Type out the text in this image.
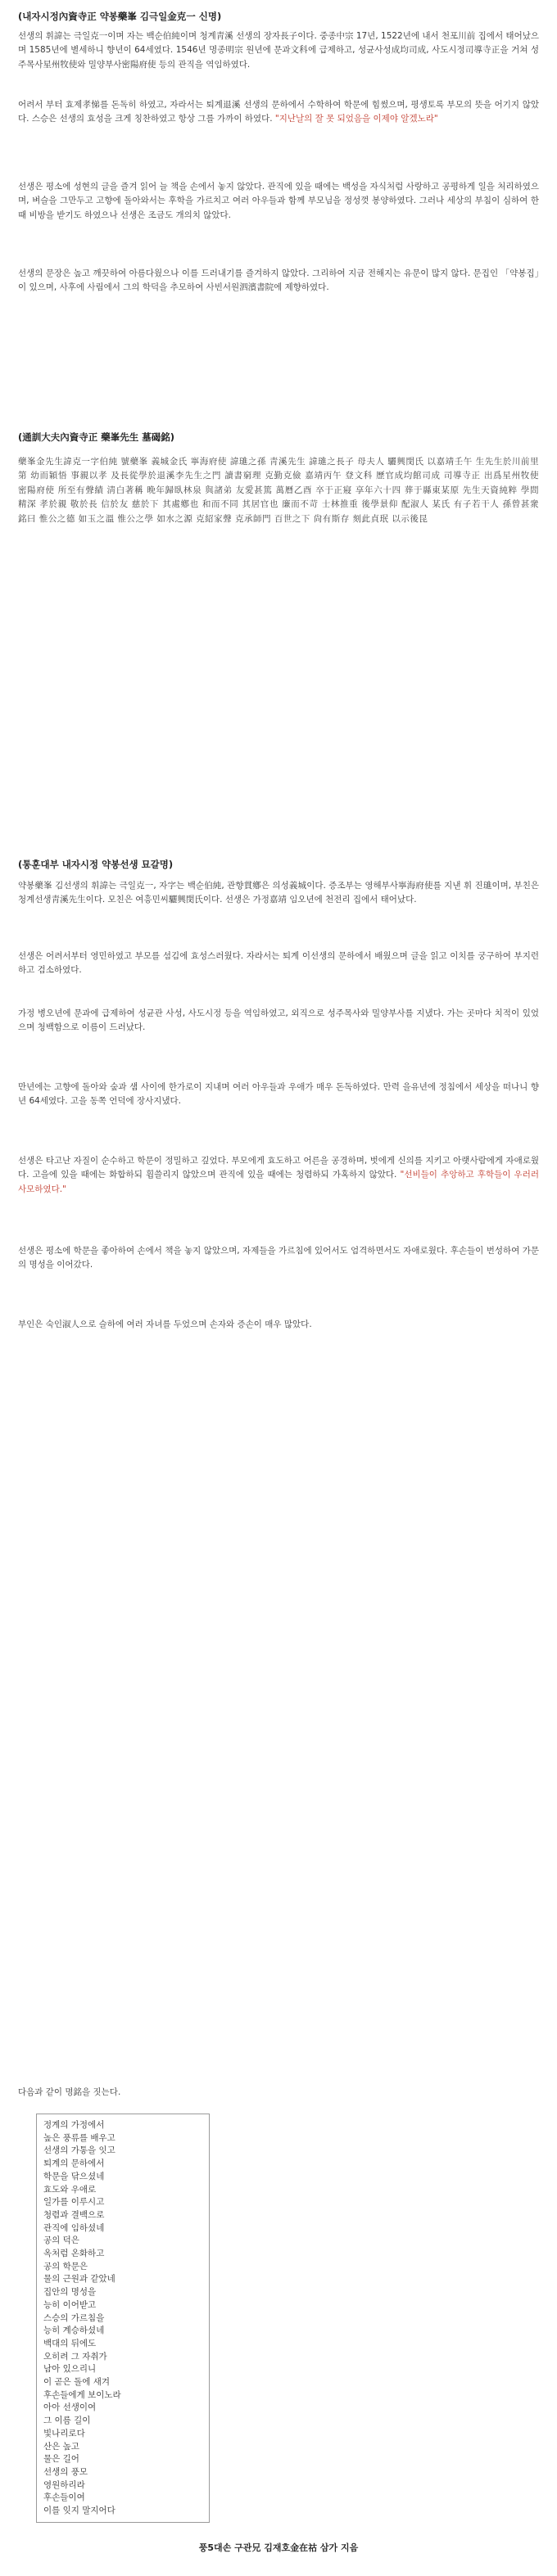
(내자시정內資寺正 약봉藥峯 김극일金克一 신명)

선생의 휘諱는 극일克一이며 자는 백순伯純이며 청계靑溪 선생의 장자長子이다. 중종中宗 17년, 1522년에 내서 천포川前 집에서 태어났으며 1585년에 별세하니 향년이 64세였다. 1546년 명종明宗 원년에 문과文科에 급제하고, 성균사성成均司成, 사도시정司導寺正을 거쳐 성주목사星州牧使와 밀양부사密陽府使 등의 관직을 역임하였다.

어려서 부터 효제孝悌를 돈독히 하였고, 자라서는 퇴계退溪 선생의 문하에서 수학하여 학문에 힘썼으며, 평생토록 부모의 뜻을 어기지 않았다. 스승은 선생의 효성을 크게 칭찬하였고 항상 그를 가까이 하였다. "지난날의 잘 못 되었음을 이제야 알겠노라"

선생은 평소에 성현의 글을 즐겨 읽어 늘 책을 손에서 놓지 않았다. 관직에 있을 때에는 백성을 자식처럼 사랑하고 공평하게 일을 처리하였으며, 벼슬을 그만두고 고향에 돌아와서는 후학을 가르치고 여러 아우들과 함께 부모님을 정성껏 봉양하였다. 그러나 세상의 부침이 심하여 한 때 비방을 받기도 하였으나 선생은 조금도 개의치 않았다.

선생의 문장은 높고 깨끗하여 아름다웠으나 이를 드러내기를 즐겨하지 않았다. 그리하여 지금 전해지는 유문이 많지 않다. 문집인 「약봉집」이 있으며, 사후에 사림에서 그의 학덕을 추모하여 사빈서원泗濱書院에 제향하였다.

(通訓大夫內資寺正 藥峯先生 墓碣銘)

藥峯金先生諱克一字伯純 號藥峯 義城金氏 寧海府使 諱璡之孫 靑溪先生 諱璡之長子 母夫人 驪興閔氏 以嘉靖壬午 生先生於川前里第 幼而穎悟 事親以孝 及長從學於退溪李先生之門 讀書窮理 克勤克儉 嘉靖丙午 登文科 歷官成均館司成 司導寺正 出爲星州牧使 密陽府使 所至有聲績 淸白著稱 晩年歸臥林泉 與諸弟 友愛甚篤 萬曆乙酉 卒于正寢 享年六十四 葬于縣東某原 先生天資純粹 學問精深 孝於親 敬於長 信於友 慈於下 其處鄕也 和而不同 其居官也 廉而不苛 士林推重 後學景仰 配淑人 某氏 有子若干人 孫曾甚衆 銘曰 惟公之德 如玉之溫 惟公之學 如水之源 克紹家聲 克承師門 百世之下 尙有斯存 刻此貞珉 以示後昆

(통훈대부 내자시정 약봉선생 묘갈명)

약봉藥峯 김선생의 휘諱는 극일克一, 자字는 백순伯純, 관향貫鄕은 의성義城이다. 증조부는 영해부사寧海府使를 지낸 휘 진璡이며, 부친은 청계선생靑溪先生이다. 모친은 여흥민씨驪興閔氏이다. 선생은 가정嘉靖 임오년에 천전리 집에서 태어났다.

선생은 어려서부터 영민하였고 부모를 섬김에 효성스러웠다. 자라서는 퇴계 이선생의 문하에서 배웠으며 글을 읽고 이치를 궁구하여 부지런하고 검소하였다.

가정 병오년에 문과에 급제하여 성균관 사성, 사도시정 등을 역임하였고, 외직으로 성주목사와 밀양부사를 지냈다. 가는 곳마다 치적이 있었으며 청백함으로 이름이 드러났다.

만년에는 고향에 돌아와 숲과 샘 사이에 한가로이 지내며 여러 아우들과 우애가 매우 돈독하였다. 만력 을유년에 정침에서 세상을 떠나니 향년 64세였다. 고을 동쪽 언덕에 장사지냈다.

선생은 타고난 자질이 순수하고 학문이 정밀하고 깊었다. 부모에게 효도하고 어른을 공경하며, 벗에게 신의를 지키고 아랫사람에게 자애로웠다. 고을에 있을 때에는 화합하되 휩쓸리지 않았으며 관직에 있을 때에는 청렴하되 가혹하지 않았다. "선비들이 추앙하고 후학들이 우러러 사모하였다."

선생은 평소에 학문을 좋아하여 손에서 책을 놓지 않았으며, 자제들을 가르침에 있어서도 엄격하면서도 자애로웠다. 후손들이 번성하여 가문의 명성을 이어갔다.

부인은 숙인淑人으로 슬하에 여러 자녀를 두었으며 손자와 증손이 매우 많았다.

다음과 같이 명銘을 짓는다.

정계의 가정에서
높은 풍류를 배우고
선생의 가통을 잇고
퇴계의 문하에서
학문을 닦으셨네
효도와 우애로
일가를 이루시고
청렴과 결백으로
관직에 임하셨네
공의 덕은
옥처럼 온화하고
공의 학문은
물의 근원과 같았네
집안의 명성을
능히 이어받고
스승의 가르침을
능히 계승하셨네
백대의 뒤에도
오히려 그 자취가
남아 있으리니
이 곧은 돌에 새겨
후손들에게 보이노라
아아 선생이여
그 이름 길이
빛나리로다
산은 높고
물은 길어
선생의 풍모
영원하리라
후손들이여
이를 잊지 말지어다
풍5대손 구관兄 김재호金在祜 삼가 지음
